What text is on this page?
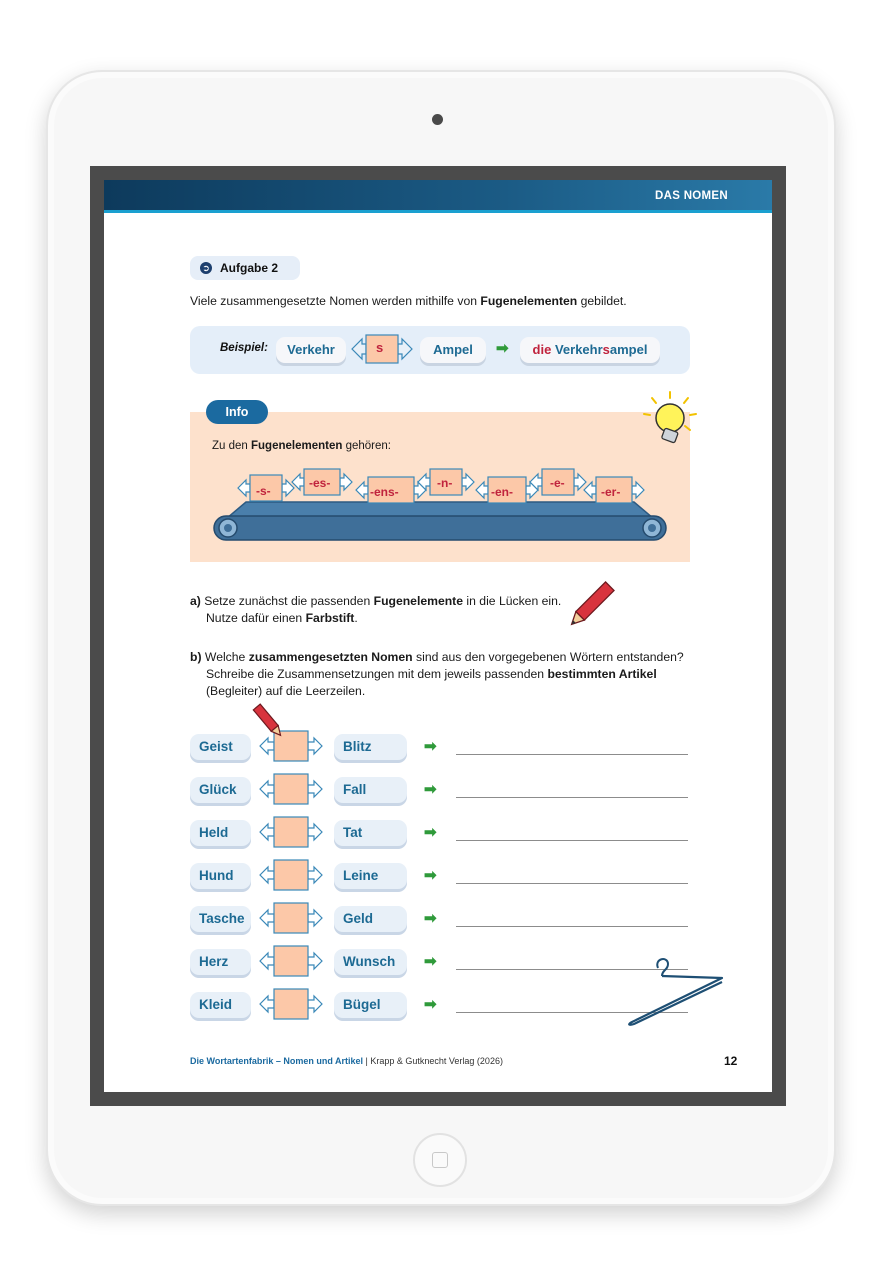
DAS NOMEN
➲ Aufgabe 2
Viele zusammengesetzte Nomen werden mithilfe von Fugenelementen gebildet.
Beispiel:	Verkehr	s	Ampel	➡	die Verkehrsampel
Zu den Fugenelementen gehören:
Info
-s-
-es-
-ens-
-n-
-en-
-e-
-er-
a) Setze zunächst die passenden Fugenelemente in die Lücken ein.
Nutze dafür einen Farbstift.
b) Welche zusammengesetzten Nomen sind aus den vorgegebenen Wörtern entstanden?
Schreibe die Zusammensetzungen mit dem jeweils passenden bestimmten Artikel
(Begleiter) auf die Leerzeilen.
Geist	Blitz	➡
Glück	Fall	➡
Held	Tat	➡
Hund	Leine	➡
Tasche	Geld	➡
Herz	Wunsch	➡
Kleid	Bügel	➡
Die Wortartenfabrik – Nomen und Artikel | Krapp & Gutknecht Verlag (2026)	12
